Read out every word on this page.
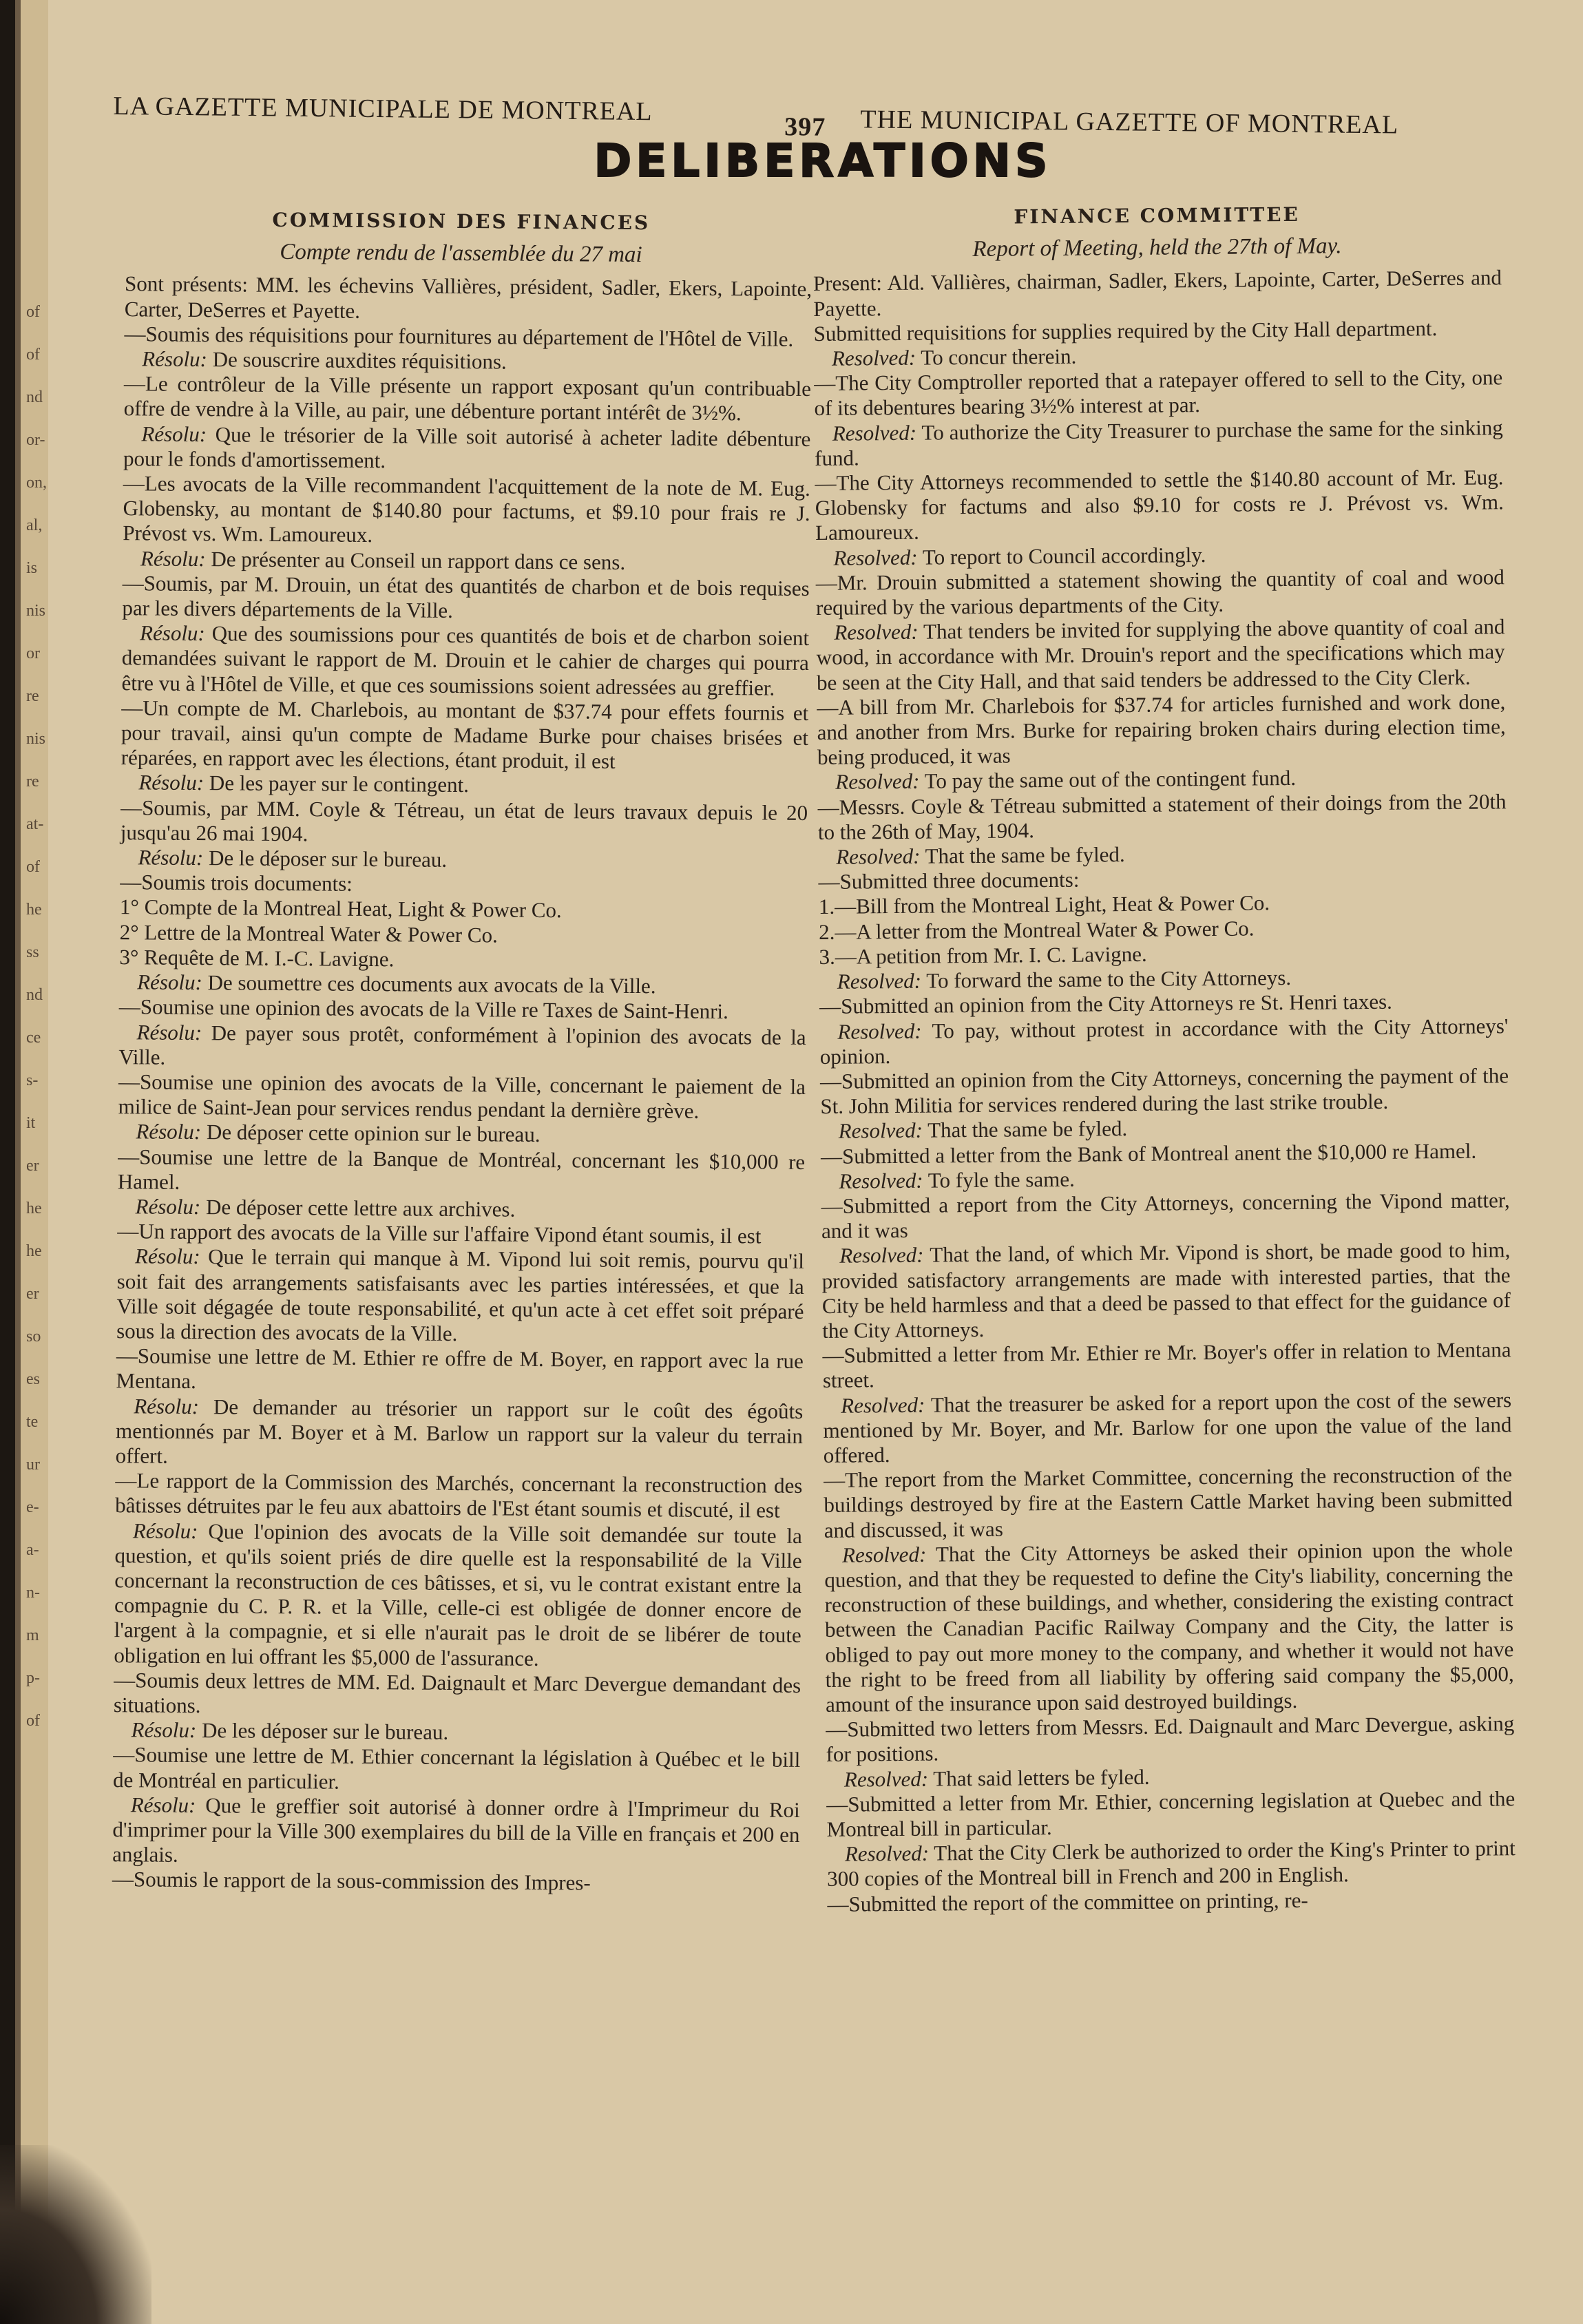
of
of
nd
or-
on,
al,
is
nis
or
re
nis
re
at-
of
he
ss
nd
ce
s-
it
er
he
he
er
so
es
te
ur
e-
a-
n-
m
p-
of
LA GAZETTE MUNICIPALE DE MONTREAL
397 THE MUNICIPAL GAZETTE OF MONTREAL
DELIBERATIONS
COMMISSION DES FINANCES
Compte rendu de l'assemblée du 27 mai

Sont présents: MM. les échevins Vallières, président, Sadler, Ekers, Lapointe, Carter, DeSerres et Payette.

—Soumis des réquisitions pour fournitures au département de l'Hôtel de Ville.

Résolu: De souscrire auxdites réquisitions.

—Le contrôleur de la Ville présente un rapport exposant qu'un contribuable offre de vendre à la Ville, au pair, une débenture portant intérêt de 3½%.

Résolu: Que le trésorier de la Ville soit autorisé à acheter ladite débenture pour le fonds d'amortissement.

—Les avocats de la Ville recommandent l'acquittement de la note de M. Eug. Globensky, au montant de $140.80 pour factums, et $9.10 pour frais re J. Prévost vs. Wm. Lamoureux.

Résolu: De présenter au Conseil un rapport dans ce sens.

—Soumis, par M. Drouin, un état des quantités de charbon et de bois requises par les divers départements de la Ville.

Résolu: Que des soumissions pour ces quantités de bois et de charbon soient demandées suivant le rapport de M. Drouin et le cahier de charges qui pourra être vu à l'Hôtel de Ville, et que ces soumissions soient adressées au greffier.

—Un compte de M. Charlebois, au montant de $37.74 pour effets fournis et pour travail, ainsi qu'un compte de Madame Burke pour chaises brisées et réparées, en rapport avec les élections, étant produit, il est

Résolu: De les payer sur le contingent.

—Soumis, par MM. Coyle & Tétreau, un état de leurs travaux depuis le 20 jusqu'au 26 mai 1904.

Résolu: De le déposer sur le bureau.

—Soumis trois documents:

1° Compte de la Montreal Heat, Light & Power Co.

2° Lettre de la Montreal Water & Power Co.

3° Requête de M. I.-C. Lavigne.

Résolu: De soumettre ces documents aux avocats de la Ville.

—Soumise une opinion des avocats de la Ville re Taxes de Saint-Henri.

Résolu: De payer sous protêt, conformément à l'opinion des avocats de la Ville.

—Soumise une opinion des avocats de la Ville, concernant le paiement de la milice de Saint-Jean pour services rendus pendant la dernière grève.

Résolu: De déposer cette opinion sur le bureau.

—Soumise une lettre de la Banque de Montréal, concernant les $10,000 re Hamel.

Résolu: De déposer cette lettre aux archives.

—Un rapport des avocats de la Ville sur l'affaire Vipond étant soumis, il est

Résolu: Que le terrain qui manque à M. Vipond lui soit remis, pourvu qu'il soit fait des arrangements satisfaisants avec les parties intéressées, et que la Ville soit dégagée de toute responsabilité, et qu'un acte à cet effet soit préparé sous la direction des avocats de la Ville.

—Soumise une lettre de M. Ethier re offre de M. Boyer, en rapport avec la rue Mentana.

Résolu: De demander au trésorier un rapport sur le coût des égoûts mentionnés par M. Boyer et à M. Barlow un rapport sur la valeur du terrain offert.

—Le rapport de la Commission des Marchés, concernant la reconstruction des bâtisses détruites par le feu aux abattoirs de l'Est étant soumis et discuté, il est

Résolu: Que l'opinion des avocats de la Ville soit demandée sur toute la question, et qu'ils soient priés de dire quelle est la responsabilité de la Ville concernant la reconstruction de ces bâtisses, et si, vu le contrat existant entre la compagnie du C. P. R. et la Ville, celle-ci est obligée de donner encore de l'argent à la compagnie, et si elle n'aurait pas le droit de se libérer de toute obligation en lui offrant les $5,000 de l'assurance.

—Soumis deux lettres de MM. Ed. Daignault et Marc Devergue demandant des situations.

Résolu: De les déposer sur le bureau.

—Soumise une lettre de M. Ethier concernant la législation à Québec et le bill de Montréal en particulier.

Résolu: Que le greffier soit autorisé à donner ordre à l'Imprimeur du Roi d'imprimer pour la Ville 300 exemplaires du bill de la Ville en français et 200 en anglais.

—Soumis le rapport de la sous-commission des Impres-

FINANCE COMMITTEE
Report of Meeting, held the 27th of May.

Present: Ald. Vallières, chairman, Sadler, Ekers, Lapointe, Carter, DeSerres and Payette.

Submitted requisitions for supplies required by the City Hall department.

Resolved: To concur therein.

—The City Comptroller reported that a ratepayer offered to sell to the City, one of its debentures bearing 3½% interest at par.

Resolved: To authorize the City Treasurer to purchase the same for the sinking fund.

—The City Attorneys recommended to settle the $140.80 account of Mr. Eug. Globensky for factums and also $9.10 for costs re J. Prévost vs. Wm. Lamoureux.

Resolved: To report to Council accordingly.

—Mr. Drouin submitted a statement showing the quantity of coal and wood required by the various departments of the City.

Resolved: That tenders be invited for supplying the above quantity of coal and wood, in accordance with Mr. Drouin's report and the specifications which may be seen at the City Hall, and that said tenders be addressed to the City Clerk.

—A bill from Mr. Charlebois for $37.74 for articles furnished and work done, and another from Mrs. Burke for repairing broken chairs during election time, being produced, it was

Resolved: To pay the same out of the contingent fund.

—Messrs. Coyle & Tétreau submitted a statement of their doings from the 20th to the 26th of May, 1904.

Resolved: That the same be fyled.

—Submitted three documents:

1.—Bill from the Montreal Light, Heat & Power Co.

2.—A letter from the Montreal Water & Power Co.

3.—A petition from Mr. I. C. Lavigne.

Resolved: To forward the same to the City Attorneys.

—Submitted an opinion from the City Attorneys re St. Henri taxes.

Resolved: To pay, without protest in accordance with the City Attorneys' opinion.

—Submitted an opinion from the City Attorneys, concerning the payment of the St. John Militia for services rendered during the last strike trouble.

Resolved: That the same be fyled.

—Submitted a letter from the Bank of Montreal anent the $10,000 re Hamel.

Resolved: To fyle the same.

—Submitted a report from the City Attorneys, concerning the Vipond matter, and it was

Resolved: That the land, of which Mr. Vipond is short, be made good to him, provided satisfactory arrangements are made with interested parties, that the City be held harmless and that a deed be passed to that effect for the guidance of the City Attorneys.

—Submitted a letter from Mr. Ethier re Mr. Boyer's offer in relation to Mentana street.

Resolved: That the treasurer be asked for a report upon the cost of the sewers mentioned by Mr. Boyer, and Mr. Barlow for one upon the value of the land offered.

—The report from the Market Committee, concerning the reconstruction of the buildings destroyed by fire at the Eastern Cattle Market having been submitted and discussed, it was

Resolved: That the City Attorneys be asked their opinion upon the whole question, and that they be requested to define the City's liability, concerning the reconstruction of these buildings, and whether, considering the existing contract between the Canadian Pacific Railway Company and the City, the latter is obliged to pay out more money to the company, and whether it would not have the right to be freed from all liability by offering said company the $5,000, amount of the insurance upon said destroyed buildings.

—Submitted two letters from Messrs. Ed. Daignault and Marc Devergue, asking for positions.

Resolved: That said letters be fyled.

—Submitted a letter from Mr. Ethier, concerning legislation at Quebec and the Montreal bill in particular.

Resolved: That the City Clerk be authorized to order the King's Printer to print 300 copies of the Montreal bill in French and 200 in English.

—Submitted the report of the committee on printing, re-
